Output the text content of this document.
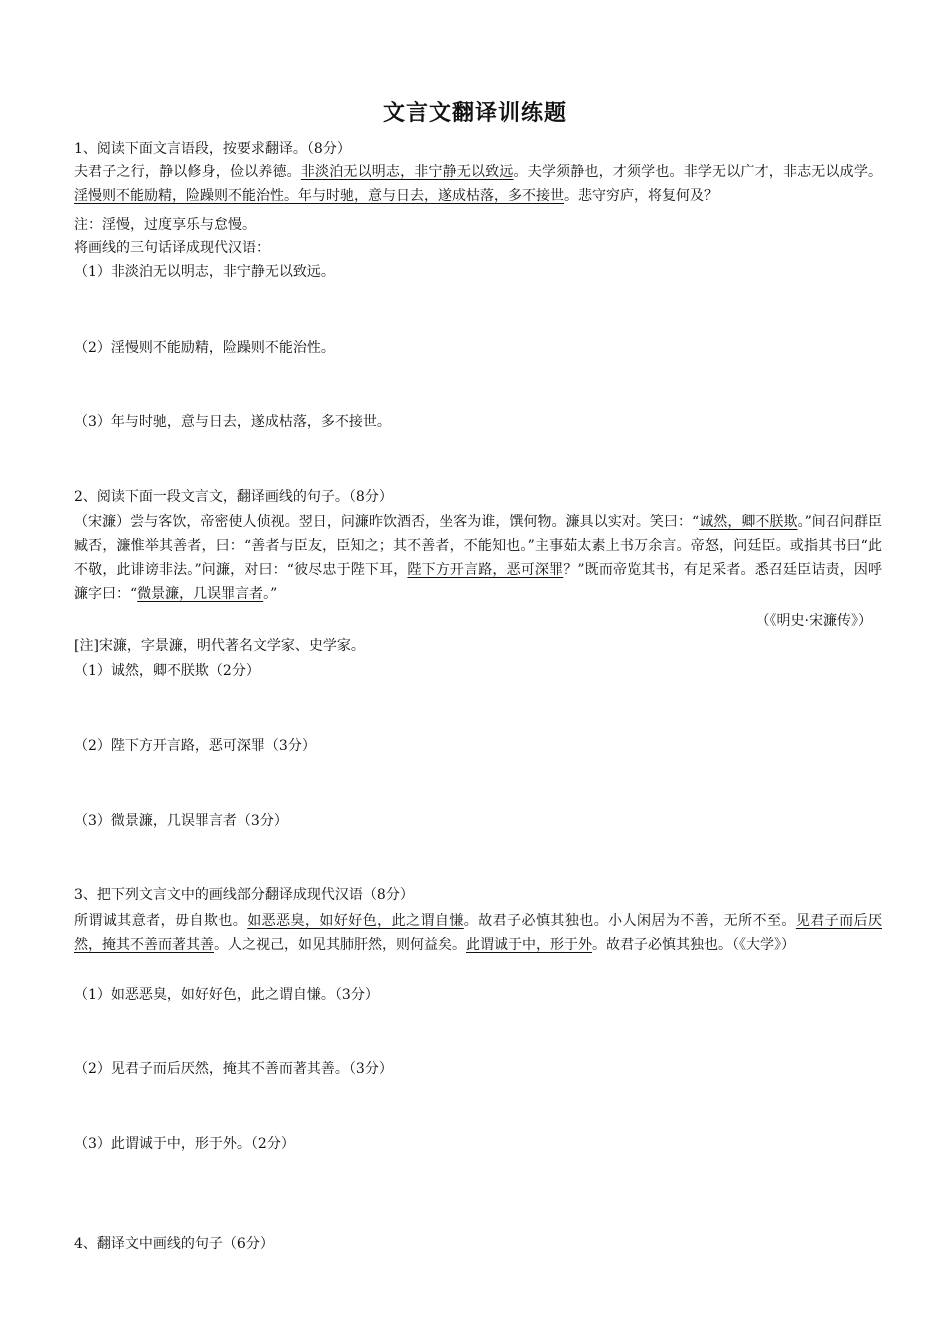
文言文翻译训练题
1、阅读下面文言语段，按要求翻译。（8分）
夫君子之行，静以修身，俭以养德。非淡泊无以明志，非宁静无以致远。夫学须静也，才须学也。非学无以广才，非志无以成学。淫慢则不能励精，险躁则不能治性。年与时驰，意与日去，遂成枯落，多不接世。悲守穷庐，将复何及？
注：淫慢，过度享乐与怠慢。
将画线的三句话译成现代汉语：
（1）非淡泊无以明志，非宁静无以致远。
（2）淫慢则不能励精，险躁则不能治性。
（3）年与时驰，意与日去，遂成枯落，多不接世。
2、阅读下面一段文言文，翻译画线的句子。（8分）
（宋濂）尝与客饮，帝密使人侦视。翌日，问濂昨饮酒否，坐客为谁，馔何物。濂具以实对。笑曰：“诚然，卿不朕欺。”间召问群臣臧否，濂惟举其善者，曰：“善者与臣友，臣知之；其不善者，不能知也。”主事茹太素上书万余言。帝怒，问廷臣。或指其书曰“此不敬，此诽谤非法。”问濂，对曰：“彼尽忠于陛下耳，陛下方开言路，恶可深罪？”既而帝览其书，有足采者。悉召廷臣诘责，因呼濂字曰：“微景濂，几误罪言者。”
（《明史·宋濂传》）
[注]宋濂，字景濂，明代著名文学家、史学家。
（1）诚然，卿不朕欺（2分）
（2）陛下方开言路，恶可深罪（3分）
（3）微景濂，几误罪言者（3分）
3、把下列文言文中的画线部分翻译成现代汉语（8分）
所谓诚其意者，毋自欺也。如恶恶臭，如好好色，此之谓自慊。故君子必慎其独也。小人闲居为不善，无所不至。见君子而后厌然，掩其不善而著其善。人之视己，如见其肺肝然，则何益矣。此谓诚于中，形于外。故君子必慎其独也。（《大学》）
（1）如恶恶臭，如好好色，此之谓自慊。（3分）
（2）见君子而后厌然，掩其不善而著其善。（3分）
（3）此谓诚于中，形于外。（2分）
4、翻译文中画线的句子（6分）
